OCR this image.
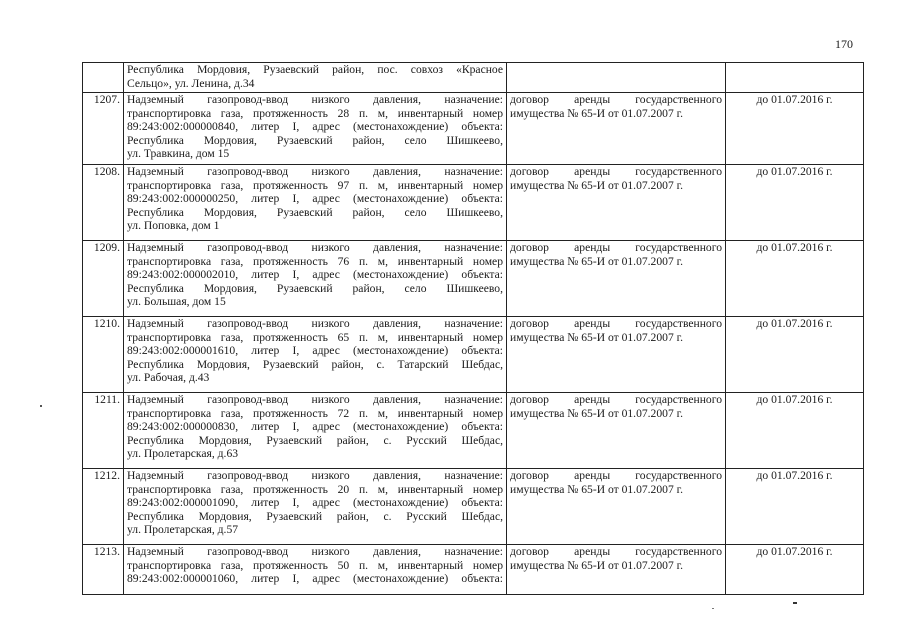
170

	Республика Мордовия, Рузаевский район, пос. совхоз «Красное
Сельцо», ул. Ленина, д.34		

1207.	Надземный газопровод-ввод низкого давления, назначение:
транспортировка газа, протяженность 28 п. м, инвентарный номер
89:243:002:000000840, литер I, адрес (местонахождение) объекта:
Республика Мордовия, Рузаевский район, село Шишкеево,
ул. Травкина, дом 15	договор аренды государственного
имущества № 65-И от 01.07.2007 г.	до 01.07.2016 г.
1208.	Надземный газопровод-ввод низкого давления, назначение:
транспортировка газа, протяженность 97 п. м, инвентарный номер
89:243:002:000000250, литер I, адрес (местонахождение) объекта:
Республика Мордовия, Рузаевский район, село Шишкеево,
ул. Поповка, дом 1	договор аренды государственного
имущества № 65-И от 01.07.2007 г.	до 01.07.2016 г.
1209.	Надземный газопровод-ввод низкого давления, назначение:
транспортировка газа, протяженность 76 п. м, инвентарный номер
89:243:002:000002010, литер I, адрес (местонахождение) объекта:
Республика Мордовия, Рузаевский район, село Шишкеево,
ул. Большая, дом 15	договор аренды государственного
имущества № 65-И от 01.07.2007 г.	до 01.07.2016 г.
1210.	Надземный газопровод-ввод низкого давления, назначение:
транспортировка газа, протяженность 65 п. м, инвентарный номер
89:243:002:000001610, литер I, адрес (местонахождение) объекта:
Республика Мордовия, Рузаевский район, с. Татарский Шебдас,
ул. Рабочая, д.43	договор аренды государственного
имущества № 65-И от 01.07.2007 г.	до 01.07.2016 г.
1211.	Надземный газопровод-ввод низкого давления, назначение:
транспортировка газа, протяженность 72 п. м, инвентарный номер
89:243:002:000000830, литер I, адрес (местонахождение) объекта:
Республика Мордовия, Рузаевский район, с. Русский Шебдас,
ул. Пролетарская, д.63	договор аренды государственного
имущества № 65-И от 01.07.2007 г.	до 01.07.2016 г.
1212.	Надземный газопровод-ввод низкого давления, назначение:
транспортировка газа, протяженность 20 п. м, инвентарный номер
89:243:002:000001090, литер I, адрес (местонахождение) объекта:
Республика Мордовия, Рузаевский район, с. Русский Шебдас,
ул. Пролетарская, д.57	договор аренды государственного
имущества № 65-И от 01.07.2007 г.	до 01.07.2016 г.
1213.	Надземный газопровод-ввод низкого давления, назначение:
транспортировка газа, протяженность 50 п. м, инвентарный номер
89:243:002:000001060, литер I, адрес (местонахождение) объекта:	договор аренды государственного
имущества № 65-И от 01.07.2007 г.	до 01.07.2016 г.
